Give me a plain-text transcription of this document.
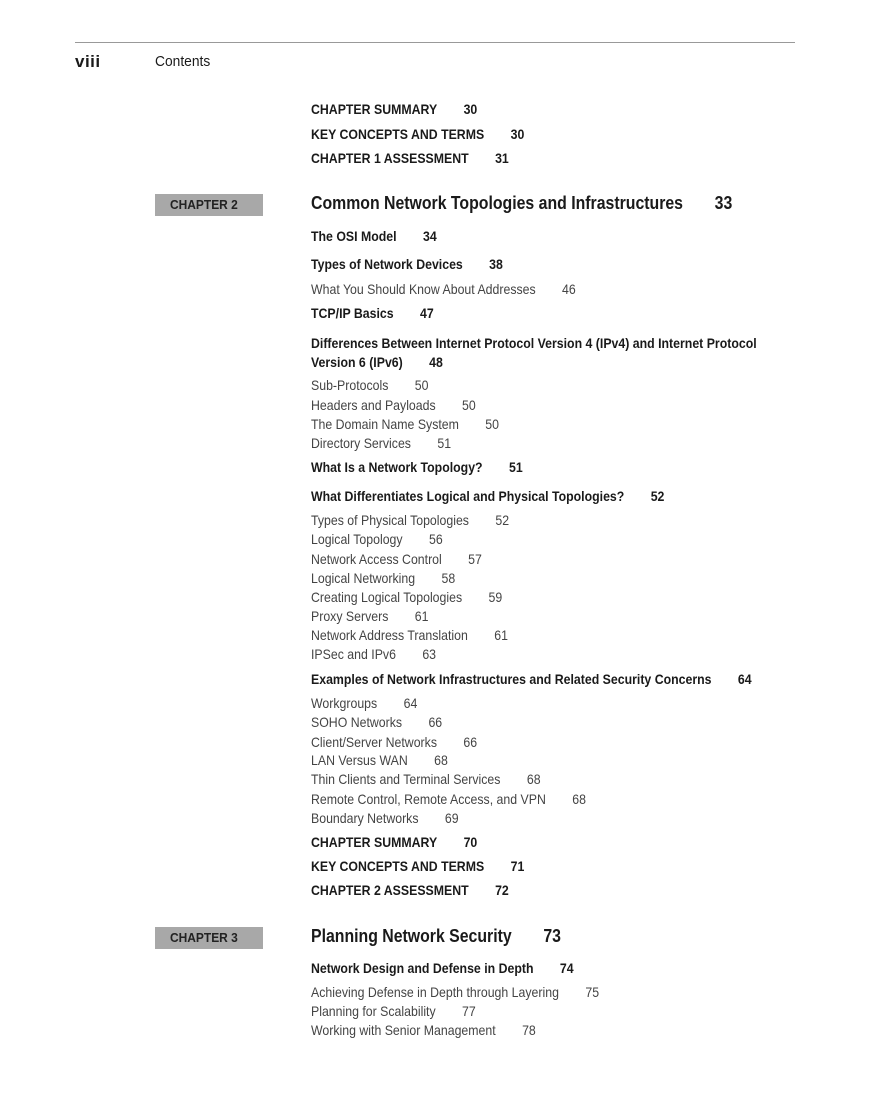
viii	Contents
CHAPTER SUMMARY 30
KEY CONCEPTS AND TERMS 30
CHAPTER 1 ASSESSMENT 31
CHAPTER 2	Common Network Topologies and Infrastructures 33
The OSI Model 34
Types of Network Devices 38
What You Should Know About Addresses 46
TCP/IP Basics 47
Differences Between Internet Protocol Version 4 (IPv4) and Internet Protocol Version 6 (IPv6) 48
Sub-Protocols 50
Headers and Payloads 50
The Domain Name System 50
Directory Services 51
What Is a Network Topology? 51
What Differentiates Logical and Physical Topologies? 52
Types of Physical Topologies 52
Logical Topology 56
Network Access Control 57
Logical Networking 58
Creating Logical Topologies 59
Proxy Servers 61
Network Address Translation 61
IPSec and IPv6 63
Examples of Network Infrastructures and Related Security Concerns 64
Workgroups 64
SOHO Networks 66
Client/Server Networks 66
LAN Versus WAN 68
Thin Clients and Terminal Services 68
Remote Control, Remote Access, and VPN 68
Boundary Networks 69
CHAPTER SUMMARY 70
KEY CONCEPTS AND TERMS 71
CHAPTER 2 ASSESSMENT 72
CHAPTER 3	Planning Network Security 73
Network Design and Defense in Depth 74
Achieving Defense in Depth through Layering 75
Planning for Scalability 77
Working with Senior Management 78
